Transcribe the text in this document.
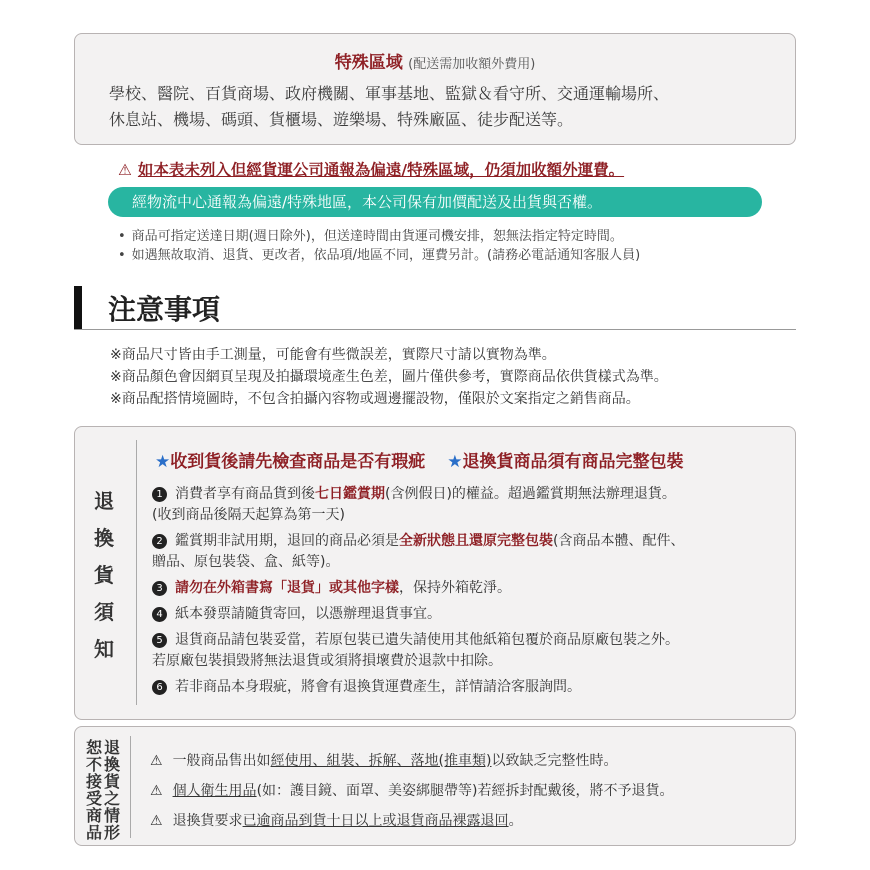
特殊區域 (配送需加收額外費用)
學校、醫院、百貨商場、政府機關、軍事基地、監獄＆看守所、交通運輸場所、
休息站、機場、碼頭、貨櫃場、遊樂場、特殊廠區、徒步配送等。
⚠ 如本表未列入但經貨運公司通報為偏遠/特殊區域，仍須加收額外運費。
經物流中心通報為偏遠/特殊地區，本公司保有加價配送及出貨與否權。
• 商品可指定送達日期(週日除外)，但送達時間由貨運司機安排，恕無法指定特定時間。
• 如遇無故取消、退貨、更改者，依品項/地區不同，運費另計。(請務必電話通知客服人員)
注意事項
※商品尺寸皆由手工測量，可能會有些微誤差，實際尺寸請以實物為準。
※商品顏色會因網頁呈現及拍攝環境產生色差，圖片僅供參考，實際商品依供貨樣式為準。
※商品配搭情境圖時，不包含拍攝內容物或週邊擺設物，僅限於文案指定之銷售商品。
退
換
貨
須
知
★收到貨後請先檢查商品是否有瑕疵 ★退換貨商品須有商品完整包裝
1 消費者享有商品貨到後七日鑑賞期(含例假日)的權益。超過鑑賞期無法辦理退貨。
(收到商品後隔天起算為第一天)
2 鑑賞期非試用期，退回的商品必須是全新狀態且還原完整包裝(含商品本體、配件、
贈品、原包裝袋、盒、紙等)。
3 請勿在外箱書寫「退貨」或其他字樣，保持外箱乾淨。
4 紙本發票請隨貨寄回，以憑辦理退貨事宜。
5 退貨商品請包裝妥當，若原包裝已遺失請使用其他紙箱包覆於商品原廠包裝之外。
若原廠包裝損毀將無法退貨或須將損壞費於退款中扣除。
6 若非商品本身瑕疵，將會有退換貨運費產生，詳情請洽客服詢問。
恕
不
接
受
商
品
退
換
貨
之
情
形
⚠ 一般商品售出如經使用、組裝、拆解、落地(推車類)以致缺乏完整性時。
⚠ 個人衛生用品(如：護目鏡、面罩、美姿綁腿帶等)若經拆封配戴後，將不予退貨。
⚠ 退換貨要求已逾商品到貨十日以上或退貨商品裸露退回。
